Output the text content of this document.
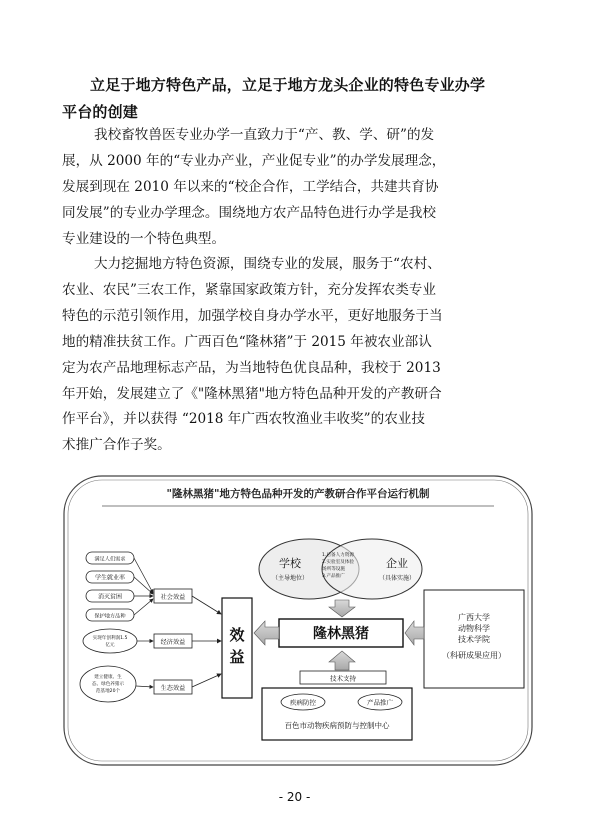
立足于地方特色产品，立足于地方龙头企业的特色专业办学
平台的创建
我校畜牧兽医专业办学一直致力于“产、教、学、研”的发
展，从 2000 年的“专业办产业，产业促专业”的办学发展理念，
发展到现在 2010 年以来的“校企合作，工学结合，共建共育协
同发展”的专业办学理念。围绕地方农产品特色进行办学是我校
专业建设的一个特色典型。
大力挖掘地方特色资源，围绕专业的发展，服务于“农村、
农业、农民”三农工作，紧靠国家政策方针，充分发挥农类专业
特色的示范引领作用，加强学校自身办学水平，更好地服务于当
地的精准扶贫工作。广西百色“隆林猪”于 2015 年被农业部认
定为农产品地理标志产品，为当地特色优良品种，我校于 2013
年开始，发展建立了《"隆林黑猪"地方特色品种开发的产教研合
作平台》，并以获得 “2018 年广西农牧渔业丰收奖”的农业技
术推广合作子奖。
"隆林黑猪"地方特色品种开发的产教研合作平台运行机制
学校
（主导地位）
企业
（具体实施）
1.后备人力资源
2.实验室及体验
场所等设施
3.产品推广
隆林黑猪
广西大学
动物科学
技术学院
（科研成果应用）
效
益
社会效益
经济效益
生态效益
满足人们需求
学生就业率
消灭贫困
保护地方品种
实现年创利润1.5
亿元
建立健康、生
态、绿色养猪示
范基地20个
技术支持
疾病防控	产品推广
百色市动物疾病预防与控制中心
- 20 -
